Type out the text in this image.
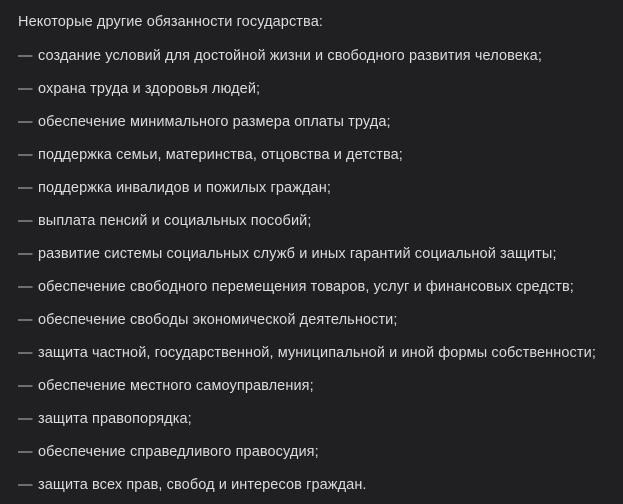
Некоторые другие обязанности государства:

— создание условий для достойной жизни и свободного развития человека;
— охрана труда и здоровья людей;
— обеспечение минимального размера оплаты труда;
— поддержка семьи, материнства, отцовства и детства;
— поддержка инвалидов и пожилых граждан;
— выплата пенсий и социальных пособий;
— развитие системы социальных служб и иных гарантий социальной защиты;
— обеспечение свободного перемещения товаров, услуг и финансовых средств;
— обеспечение свободы экономической деятельности;
— защита частной, государственной, муниципальной и иной формы собственности;
— обеспечение местного самоуправления;
— защита правопорядка;
— обеспечение справедливого правосудия;
— защита всех прав, свобод и интересов граждан.
